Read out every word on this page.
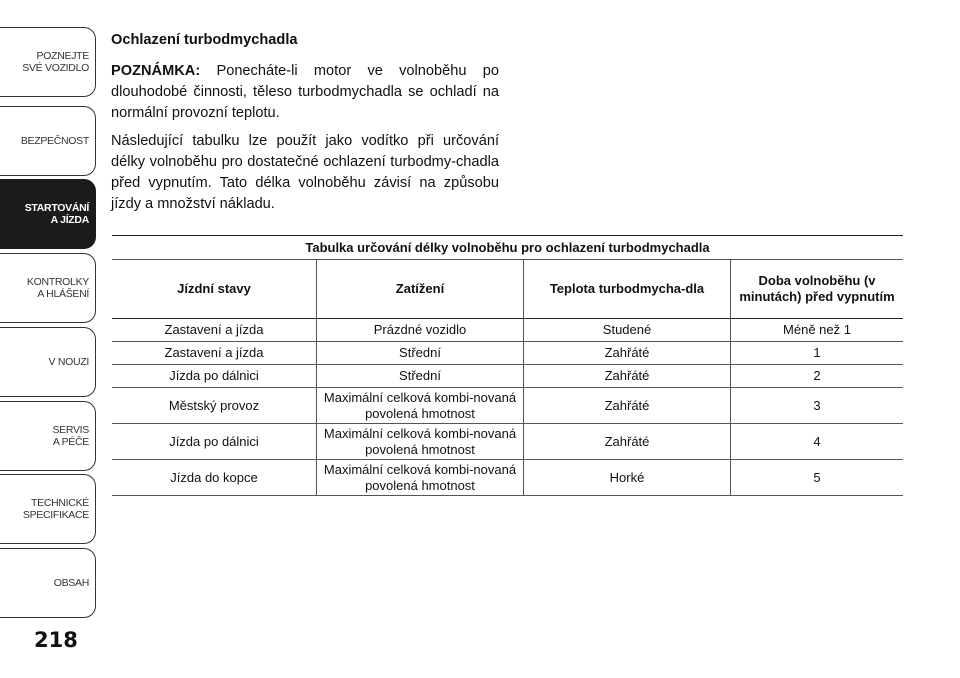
POZNEJTE
SVÉ VOZIDLO
BEZPEČNOST
STARTOVÁNÍ
A JÍZDA
KONTROLKY
A HLÁŠENÍ
V NOUZI
SERVIS
A PÉČE
TECHNICKÉ
SPECIFIKACE
OBSAH
218

Ochlazení turbodmychadla

POZNÁMKA: Ponecháte-li motor ve volnoběhu po dlouhodobé činnosti, těleso turbodmychadla se ochladí na normální provozní teplotu.

Následující tabulku lze použít jako vodítko při určování délky volnoběhu pro dostatečné ochlazení turbodmy-chadla před vypnutím. Tato délka volnoběhu závisí na způsobu jízdy a množství nákladu.

Tabulka určování délky volnoběhu pro ochlazení turbodmychadla			
Jízdní stavy	Zatížení	Teplota turbodmycha-dla	Doba volnoběhu (v minutách) před vypnutím
Zastavení a jízda	Prázdné vozidlo	Studené	Méně než 1
Zastavení a jízda	Střední	Zahřáté	1
Jízda po dálnici	Střední	Zahřáté	2
Městský provoz	Maximální celková kombi-novaná povolená hmotnost	Zahřáté	3
Jízda po dálnici	Maximální celková kombi-novaná povolená hmotnost	Zahřáté	4
Jízda do kopce	Maximální celková kombi-novaná povolená hmotnost	Horké	5
